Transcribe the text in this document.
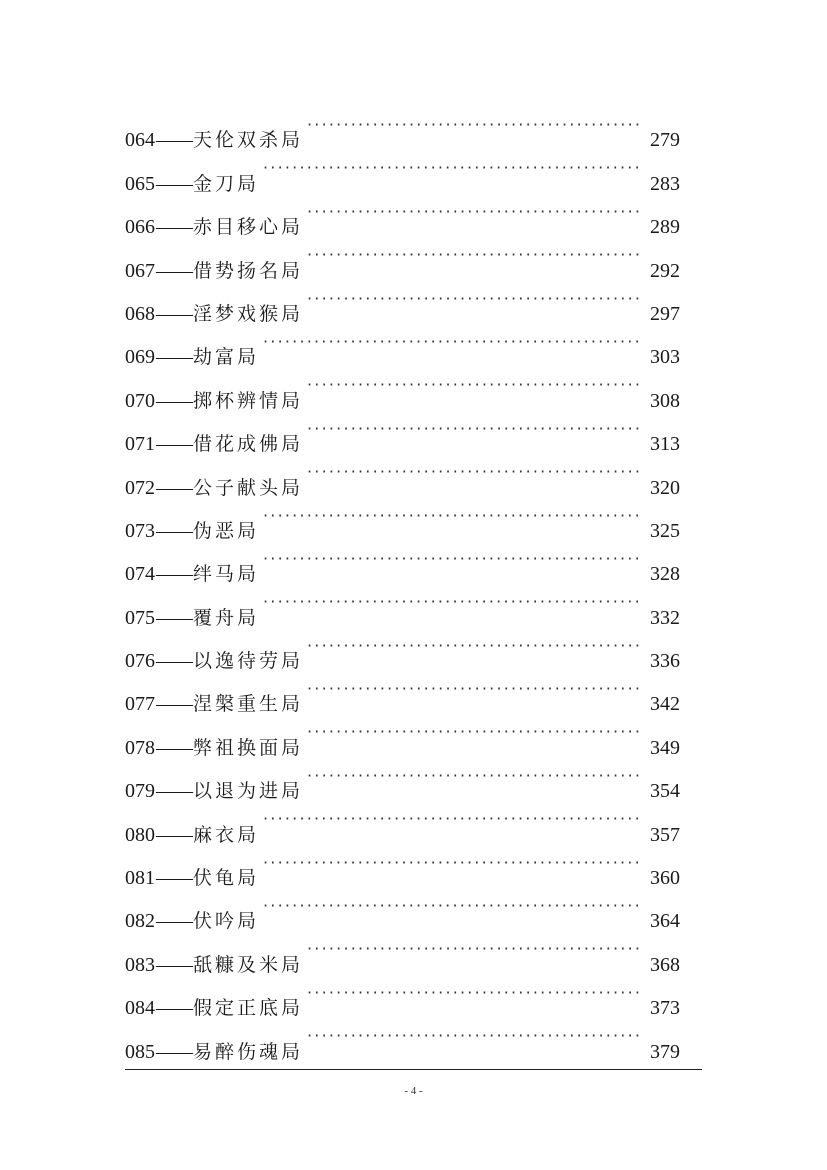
064 —— 天伦双杀局 ·····	279
065 —— 金刀局 ·····	283
066 —— 赤目移心局 ·····	289
067 —— 借势扬名局 ·····	292
068 —— 淫梦戏猴局 ·····	297
069 —— 劫富局 ·····	303
070 —— 掷杯辨情局 ·····	308
071 —— 借花成佛局 ·····	313
072 —— 公子献头局 ·····	320
073 —— 伪恶局 ·····	325
074 —— 绊马局 ·····	328
075 —— 覆舟局 ·····	332
076 —— 以逸待劳局 ·····	336
077 —— 涅槃重生局 ·····	342
078 —— 弊祖换面局 ·····	349
079 —— 以退为进局 ·····	354
080 —— 麻衣局 ·····	357
081 —— 伏龟局 ·····	360
082 —— 伏吟局 ·····	364
083 —— 舐糠及米局 ·····	368
084 —— 假定正底局 ·····	373
085 —— 易醉伤魂局 ·····	379
- 4 -
